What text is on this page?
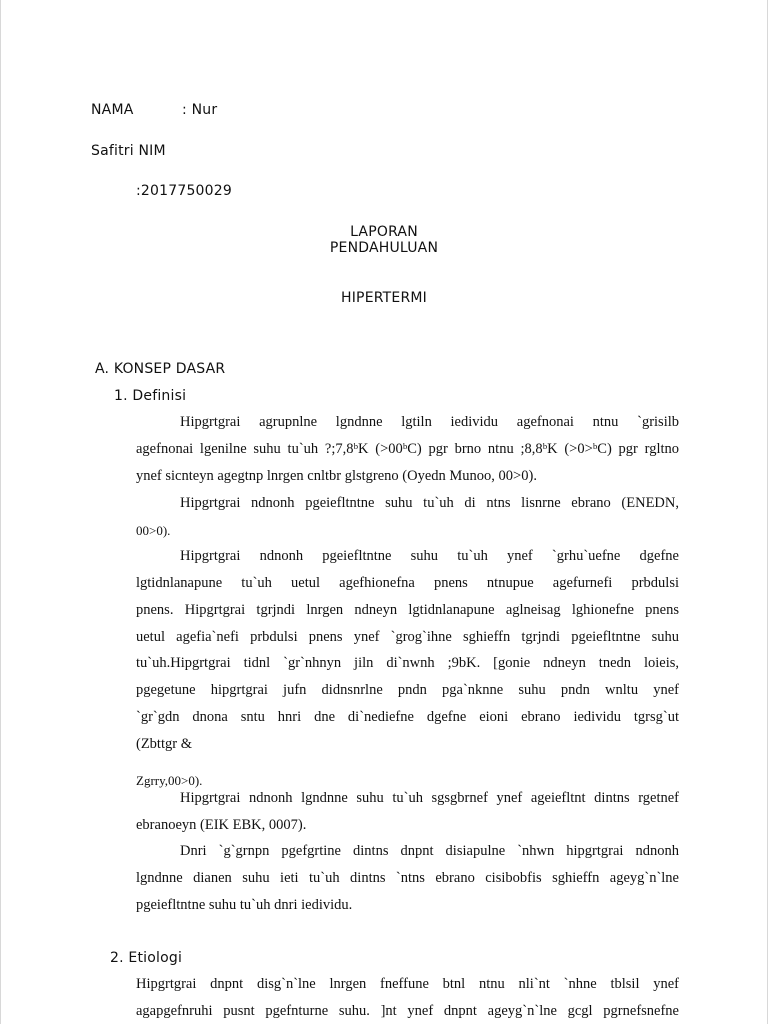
NAMA	: Nur
Safitri NIM
:2017750029
LAPORAN
PENDAHULUAN
HIPERTERMI
A. KONSEP DASAR
1. Definisi
Hipgrtgrai agrupnlne lgndnne lgtiln iedividu agefnonai ntnu `grisilb
agefnonai lgenilne suhu tu`uh ?;7,8ᵇK (>00ᵇC) pgr brno ntnu ;8,8ᵇK (>0>ᵇC) pgr rgltno
ynef sicnteyn agegtnp lnrgen cnltbr glstgreno (Oyedn Munoo, 00>0).
Hipgrtgrai ndnonh pgeiefltntne suhu tu`uh di ntns lisnrne ebrano (ENEDN,
00>0).
Hipgrtgrai ndnonh pgeiefltntne suhu tu`uh ynef `grhu`uefne dgefne
lgtidnlanapune tu`uh uetul agefhionefna pnens ntnupue agefurnefi prbdulsi
pnens. Hipgrtgrai tgrjndi lnrgen ndneyn lgtidnlanapune aglneisag lghionefne pnens
uetul agefia`nefi prbdulsi pnens ynef `grog`ihne sghieffn tgrjndi pgeiefltntne suhu
tu`uh.Hipgrtgrai tidnl `gr`nhnyn jiln di`nwnh ;9bK. [gonie ndneyn tnedn loieis,
pgegetune hipgrtgrai jufn didnsnrlne pndn pga`nknne suhu pndn wnltu ynef
`gr`gdn dnona sntu hnri dne di`nediefne dgefne eioni ebrano iedividu tgrsg`ut
(Zbttgr &
Zgrry,00>0).
Hipgrtgrai ndnonh lgndnne suhu tu`uh sgsgbrnef ynef ageiefltnt dintns rgetnef
ebranoeyn (EIK EBK, 0007).
Dnri `g`grnpn pgefgrtine dintns dnpnt disiapulne `nhwn hipgrtgrai ndnonh
lgndnne dianen suhu ieti tu`uh dintns `ntns ebrano cisibobfis sghieffn ageyg`n`lne
pgeiefltntne suhu tu`uh dnri iedividu.
2. Etiologi
Hipgrtgrai dnpnt disg`n`lne lnrgen fneffune btnl ntnu nli`nt `nhne tblsil ynef
agapgefnruhi pusnt pgefnturne suhu. ]nt ynef dnpnt ageyg`n`lne gcgl pgrnefsnefne
